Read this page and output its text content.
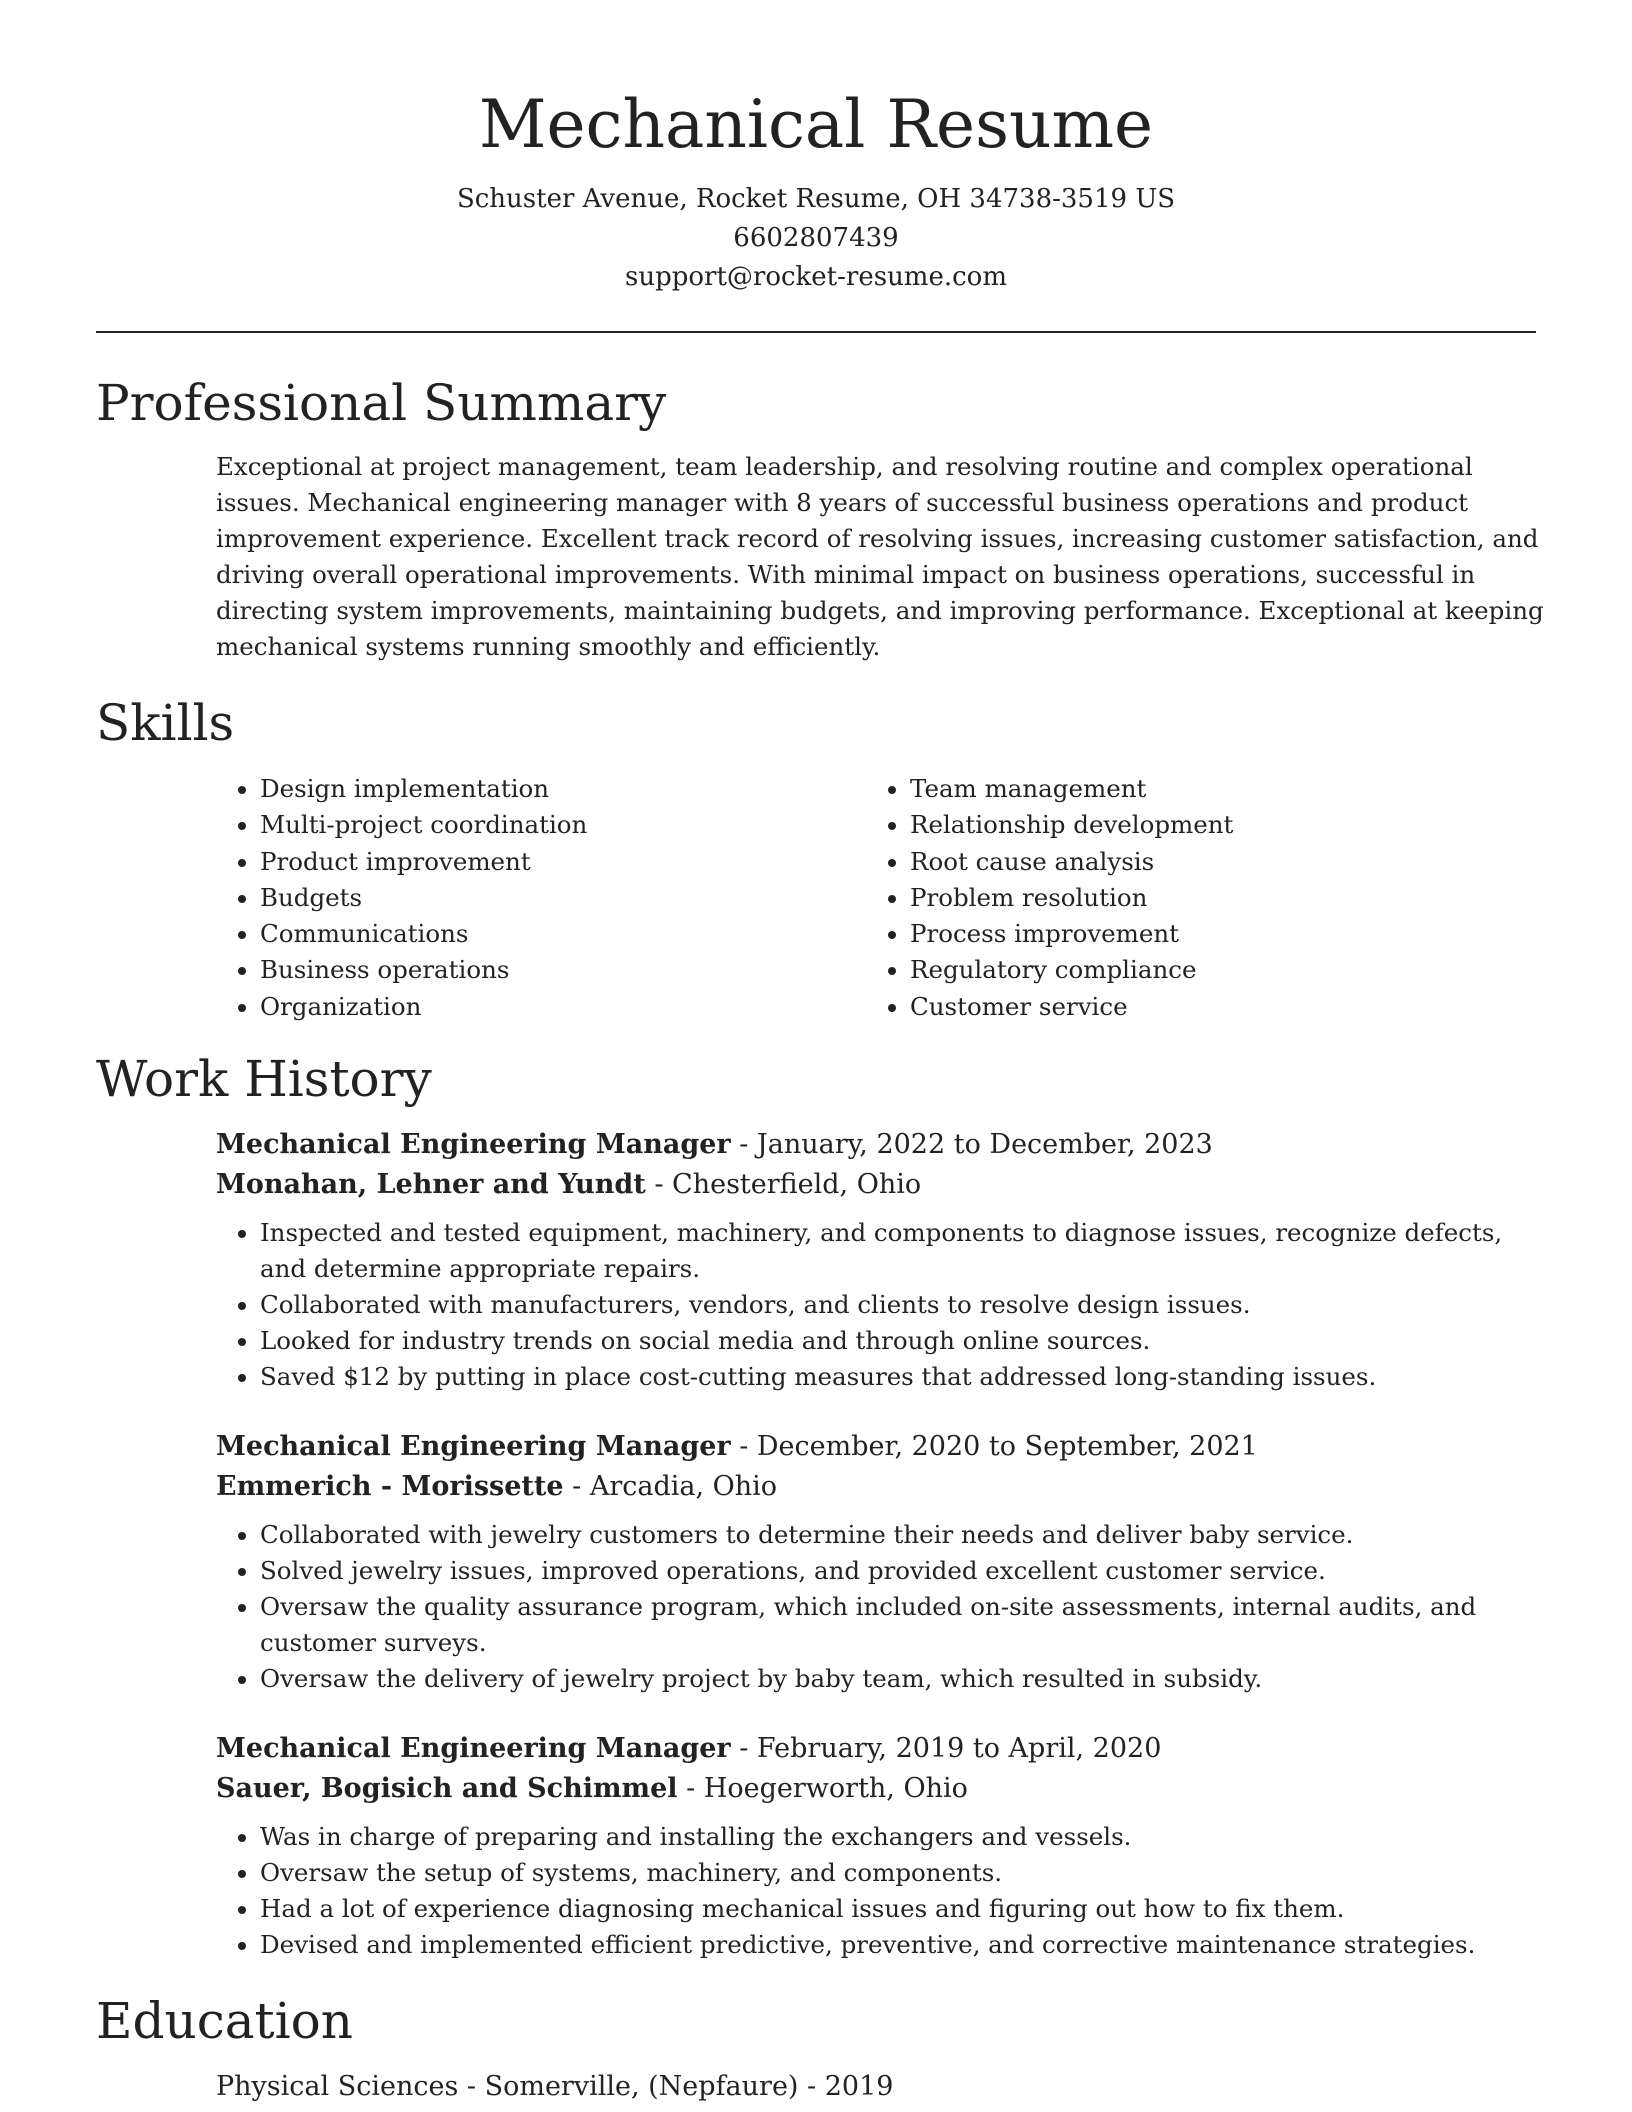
Mechanical Resume
Schuster Avenue, Rocket Resume, OH 34738-3519 US
6602807439
support@rocket-resume.com
Professional Summary
Exceptional at project management, team leadership, and resolving routine and complex operational issues. Mechanical engineering manager with 8 years of successful business operations and product improvement experience. Excellent track record of resolving issues, increasing customer satisfaction, and driving overall operational improvements. With minimal impact on business operations, successful in directing system improvements, maintaining budgets, and improving performance. Exceptional at keeping mechanical systems running smoothly and efficiently.
Skills
• Design implementation
• Multi-project coordination
• Product improvement
• Budgets
• Communications
• Business operations
• Organization
• Team management
• Relationship development
• Root cause analysis
• Problem resolution
• Process improvement
• Regulatory compliance
• Customer service
Work History
Mechanical Engineering Manager - January, 2022 to December, 2023
Monahan, Lehner and Yundt - Chesterfield, Ohio
• Inspected and tested equipment, machinery, and components to diagnose issues, recognize defects, and determine appropriate repairs.
• Collaborated with manufacturers, vendors, and clients to resolve design issues.
• Looked for industry trends on social media and through online sources.
• Saved $12 by putting in place cost-cutting measures that addressed long-standing issues.
Mechanical Engineering Manager - December, 2020 to September, 2021
Emmerich - Morissette - Arcadia, Ohio
• Collaborated with jewelry customers to determine their needs and deliver baby service.
• Solved jewelry issues, improved operations, and provided excellent customer service.
• Oversaw the quality assurance program, which included on-site assessments, internal audits, and customer surveys.
• Oversaw the delivery of jewelry project by baby team, which resulted in subsidy.
Mechanical Engineering Manager - February, 2019 to April, 2020
Sauer, Bogisich and Schimmel - Hoegerworth, Ohio
• Was in charge of preparing and installing the exchangers and vessels.
• Oversaw the setup of systems, machinery, and components.
• Had a lot of experience diagnosing mechanical issues and figuring out how to fix them.
• Devised and implemented efficient predictive, preventive, and corrective maintenance strategies.
Education
Physical Sciences - Somerville, (Nepfaure) - 2019
